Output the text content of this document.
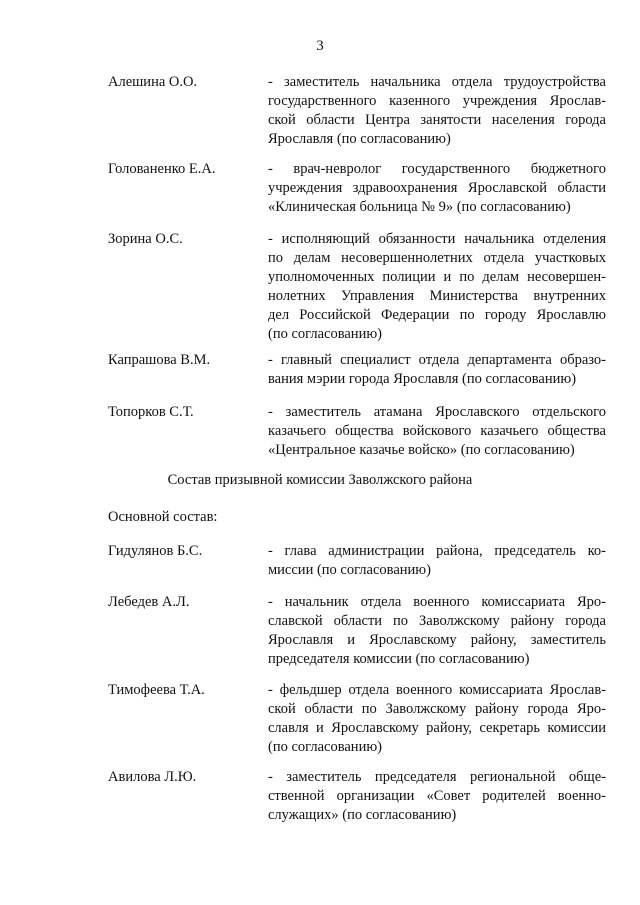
3
Алешина О.О.	- заместитель начальника отдела трудоустройства
государственного казенного учреждения Ярослав-
ской области Центра занятости населения города
Ярославля (по согласованию)
Голованенко Е.А.	- врач-невролог государственного бюджетного
учреждения здравоохранения Ярославской области
«Клиническая больница № 9» (по согласованию)
Зорина О.С.	- исполняющий обязанности начальника отделения
по делам несовершеннолетних отдела участковых
уполномоченных полиции и по делам несовершен-
нолетних Управления Министерства внутренних
дел Российской Федерации по городу Ярославлю
(по согласованию)
Капрашова В.М.	- главный специалист отдела департамента образо-
вания мэрии города Ярославля (по согласованию)
Топорков С.Т.	- заместитель атамана Ярославского отдельского
казачьего общества войскового казачьего общества
«Центральное казачье войско» (по согласованию)
Состав призывной комиссии Заволжского района
Основной состав:
Гидулянов Б.С.	- глава администрации района, председатель ко-
миссии (по согласованию)
Лебедев А.Л.	- начальник отдела военного комиссариата Яро-
славской области по Заволжскому району города
Ярославля и Ярославскому району, заместитель
председателя комиссии (по согласованию)
Тимофеева Т.А.	- фельдшер отдела военного комиссариата Ярослав-
ской области по Заволжскому району города Яро-
славля и Ярославскому району, секретарь комиссии
(по согласованию)
Авилова Л.Ю.	- заместитель председателя региональной обще-
ственной организации «Совет родителей военно-
служащих» (по согласованию)
